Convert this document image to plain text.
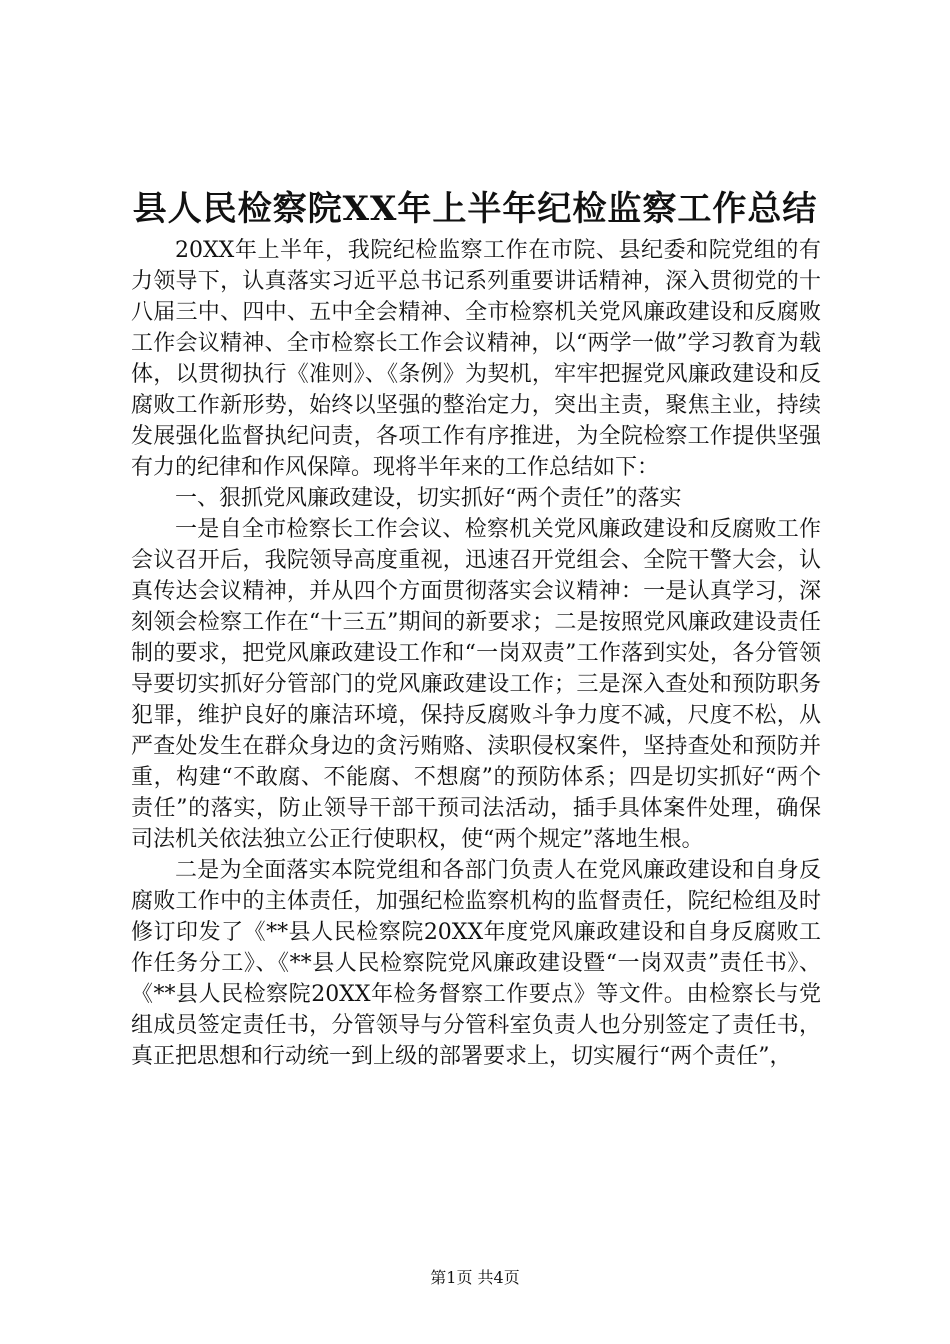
县人民检察院XX年上半年纪检监察工作总结

20XX年上半年，我院纪检监察工作在市院、县纪委和院党组的有力领导下，认真落实习近平总书记系列重要讲话精神，深入贯彻党的十八届三中、四中、五中全会精神、全市检察机关党风廉政建设和反腐败工作会议精神、全市检察长工作会议精神，以“两学一做”学习教育为载体，以贯彻执行《准则》、《条例》为契机，牢牢把握党风廉政建设和反腐败工作新形势，始终以坚强的整治定力，突出主责，聚焦主业，持续发展强化监督执纪问责，各项工作有序推进，为全院检察工作提供坚强有力的纪律和作风保障。现将半年来的工作总结如下：

一、狠抓党风廉政建设，切实抓好“两个责任”的落实

一是自全市检察长工作会议、检察机关党风廉政建设和反腐败工作会议召开后，我院领导高度重视，迅速召开党组会、全院干警大会，认真传达会议精神，并从四个方面贯彻落实会议精神：一是认真学习，深刻领会检察工作在“十三五”期间的新要求；二是按照党风廉政建设责任制的要求，把党风廉政建设工作和“一岗双责”工作落到实处，各分管领导要切实抓好分管部门的党风廉政建设工作；三是深入查处和预防职务犯罪，维护良好的廉洁环境，保持反腐败斗争力度不减，尺度不松，从严查处发生在群众身边的贪污贿赂、渎职侵权案件，坚持查处和预防并重，构建“不敢腐、不能腐、不想腐”的预防体系；四是切实抓好“两个责任”的落实，防止领导干部干预司法活动，插手具体案件处理，确保司法机关依法独立公正行使职权，使“两个规定”落地生根。

二是为全面落实本院党组和各部门负责人在党风廉政建设和自身反腐败工作中的主体责任，加强纪检监察机构的监督责任，院纪检组及时修订印发了《**县人民检察院20XX年度党风廉政建设和自身反腐败工作任务分工》、《**县人民检察院党风廉政建设暨“一岗双责”责任书》、《**县人民检察院20XX年检务督察工作要点》等文件。由检察长与党组成员签定责任书，分管领导与分管科室负责人也分别签定了责任书，真正把思想和行动统一到上级的部署要求上，切实履行“两个责任”，

第1页 共4页
